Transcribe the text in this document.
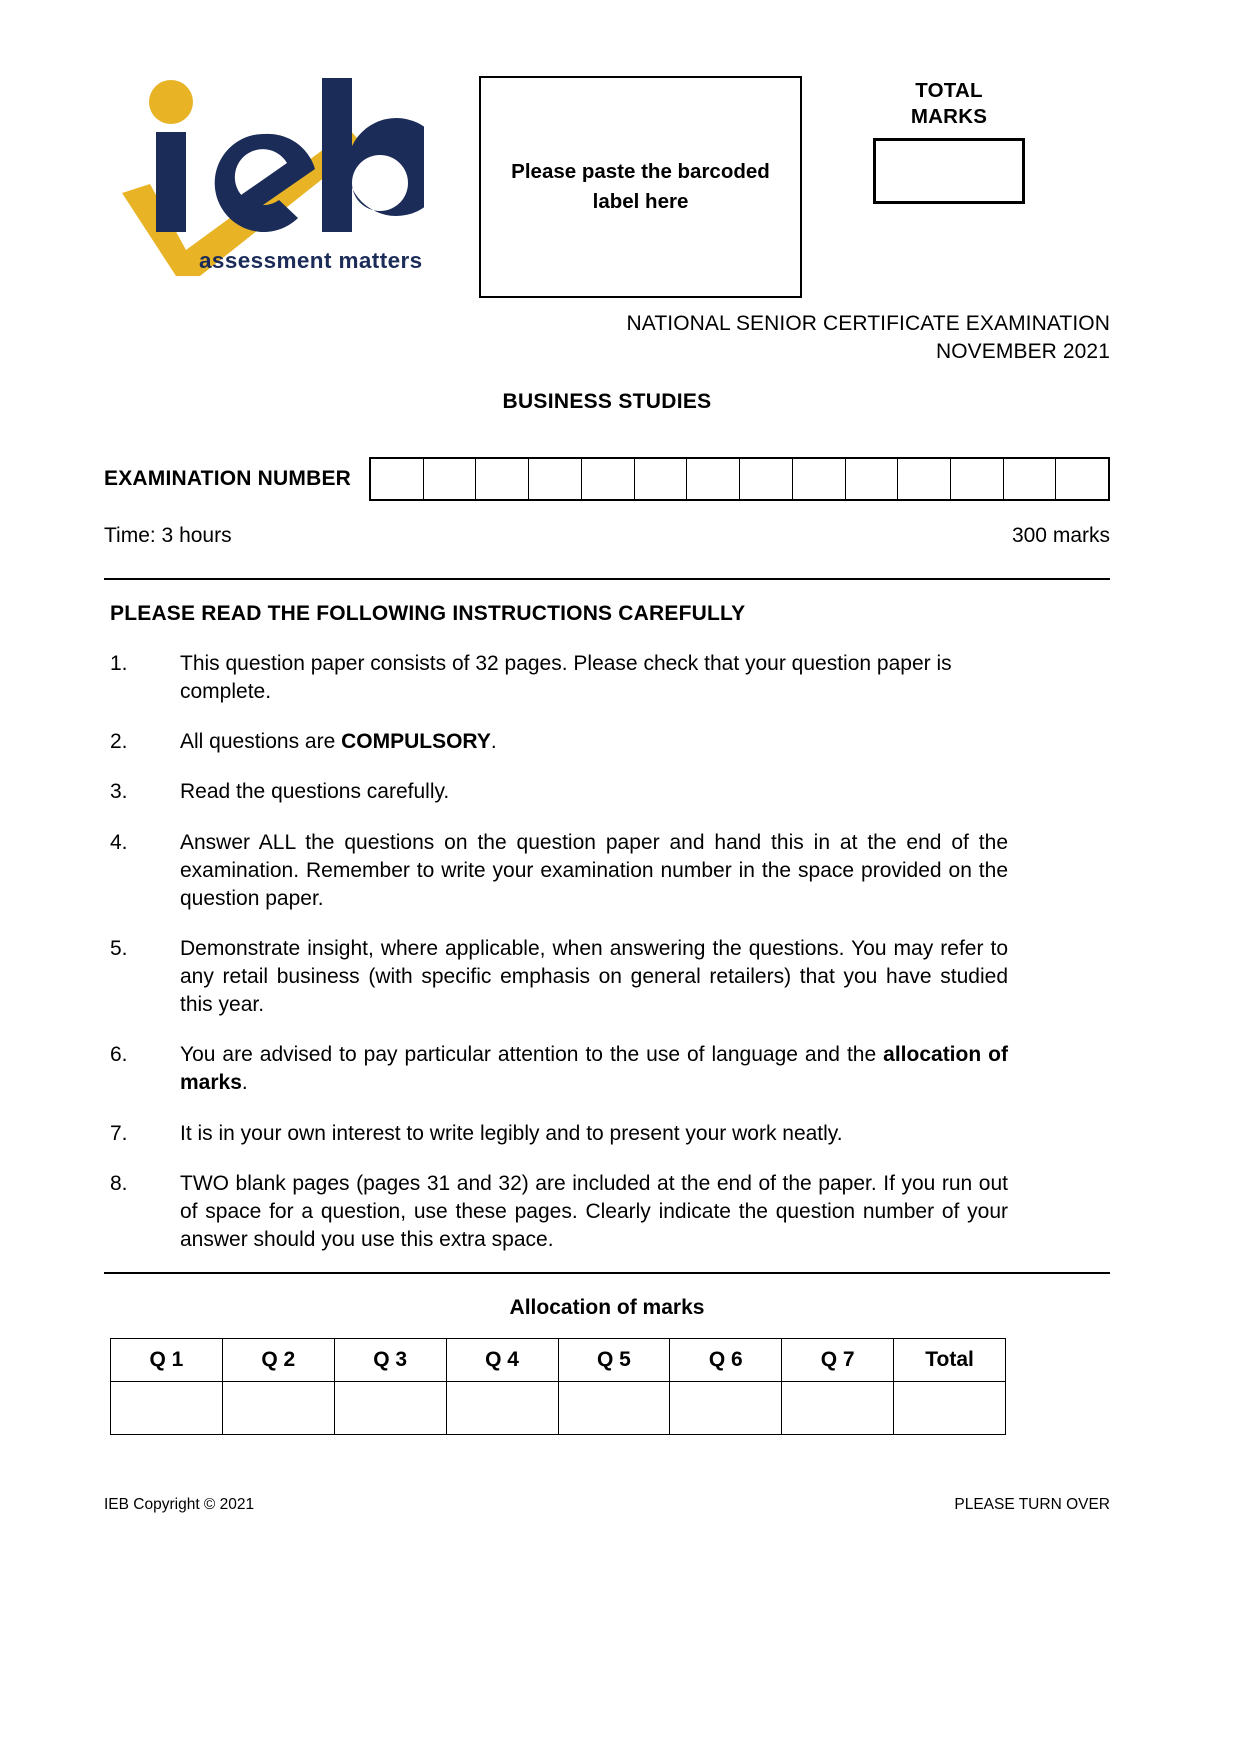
assessment matters
Please paste the barcoded label here
TOTAL
MARKS
NATIONAL SENIOR CERTIFICATE EXAMINATION
NOVEMBER 2021
BUSINESS STUDIES
EXAMINATION NUMBER
Time: 3 hours	300 marks
PLEASE READ THE FOLLOWING INSTRUCTIONS CAREFULLY
1.	This question paper consists of 32 pages. Please check that your question paper is complete.
2.	All questions are COMPULSORY.
3.	Read the questions carefully.
4.	Answer ALL the questions on the question paper and hand this in at the end of the examination. Remember to write your examination number in the space provided on the question paper.
5.	Demonstrate insight, where applicable, when answering the questions. You may refer to any retail business (with specific emphasis on general retailers) that you have studied this year.
6.	You are advised to pay particular attention to the use of language and the allocation of marks.
7.	It is in your own interest to write legibly and to present your work neatly.
8.	TWO blank pages (pages 31 and 32) are included at the end of the paper. If you run out of space for a question, use these pages. Clearly indicate the question number of your answer should you use this extra space.
Allocation of marks
Q 1	Q 2	Q 3	Q 4	Q 5	Q 6	Q 7	Total

IEB Copyright © 2021	PLEASE TURN OVER
